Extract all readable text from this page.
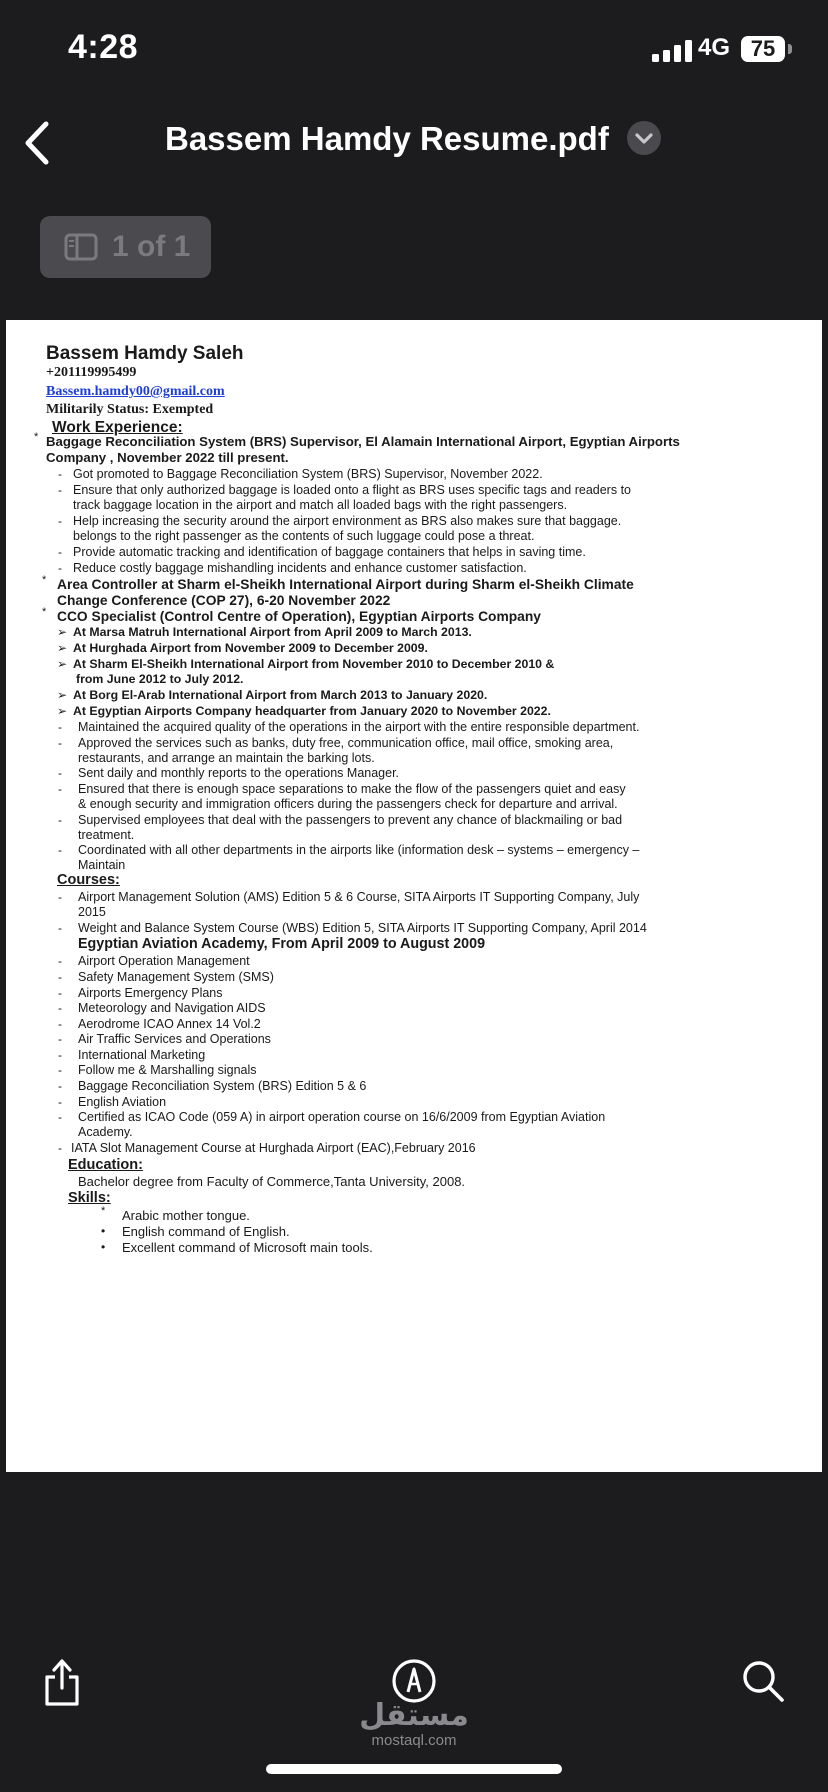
4:28	4G 75
Bassem Hamdy Resume.pdf
1 of 1
Bassem Hamdy Saleh
+201119995499
Bassem.hamdy00@gmail.com
Militarily Status: Exempted
Work Experience:
* Baggage Reconciliation System (BRS) Supervisor, El Alamain International Airport, Egyptian Airports
Company , November 2022 till present.
- Got promoted to Baggage Reconciliation System (BRS) Supervisor, November 2022.
- Ensure that only authorized baggage is loaded onto a flight as BRS uses specific tags and readers to
track baggage location in the airport and match all loaded bags with the right passengers.
- Help increasing the security around the airport environment as BRS also makes sure that baggage.
belongs to the right passenger as the contents of such luggage could pose a threat.
- Provide automatic tracking and identification of baggage containers that helps in saving time.
- Reduce costly baggage mishandling incidents and enhance customer satisfaction.
* Area Controller at Sharm el-Sheikh International Airport during Sharm el-Sheikh Climate
Change Conference (COP 27), 6-20 November 2022
* CCO Specialist (Control Centre of Operation), Egyptian Airports Company
➢ At Marsa Matruh International Airport from April 2009 to March 2013.
➢ At Hurghada Airport from November 2009 to December 2009.
➢ At Sharm El-Sheikh International Airport from November 2010 to December 2010 &
from June 2012 to July 2012.
➢ At Borg El-Arab International Airport from March 2013 to January 2020.
➢ At Egyptian Airports Company headquarter from January 2020 to November 2022.
- Maintained the acquired quality of the operations in the airport with the entire responsible department.
- Approved the services such as banks, duty free, communication office, mail office, smoking area,
restaurants, and arrange an maintain the barking lots.
- Sent daily and monthly reports to the operations Manager.
- Ensured that there is enough space separations to make the flow of the passengers quiet and easy
& enough security and immigration officers during the passengers check for departure and arrival.
- Supervised employees that deal with the passengers to prevent any chance of blackmailing or bad
treatment.
- Coordinated with all other departments in the airports like (information desk – systems – emergency –
Maintain
Courses:
- Airport Management Solution (AMS) Edition 5 & 6 Course, SITA Airports IT Supporting Company, July
2015
- Weight and Balance System Course (WBS) Edition 5, SITA Airports IT Supporting Company, April 2014
Egyptian Aviation Academy, From April 2009 to August 2009
- Airport Operation Management
- Safety Management System (SMS)
- Airports Emergency Plans
- Meteorology and Navigation AIDS
- Aerodrome ICAO Annex 14 Vol.2
- Air Traffic Services and Operations
- International Marketing
- Follow me & Marshalling signals
- Baggage Reconciliation System (BRS) Edition 5 & 6
- English Aviation
- Certified as ICAO Code (059 A) in airport operation course on 16/6/2009 from Egyptian Aviation
Academy.
- IATA Slot Management Course at Hurghada Airport (EAC),February 2016
Education:
Bachelor degree from Faculty of Commerce,Tanta University, 2008.
Skills:
* Arabic mother tongue.
• English command of English.
• Excellent command of Microsoft main tools.
مستقل
mostaql.com
